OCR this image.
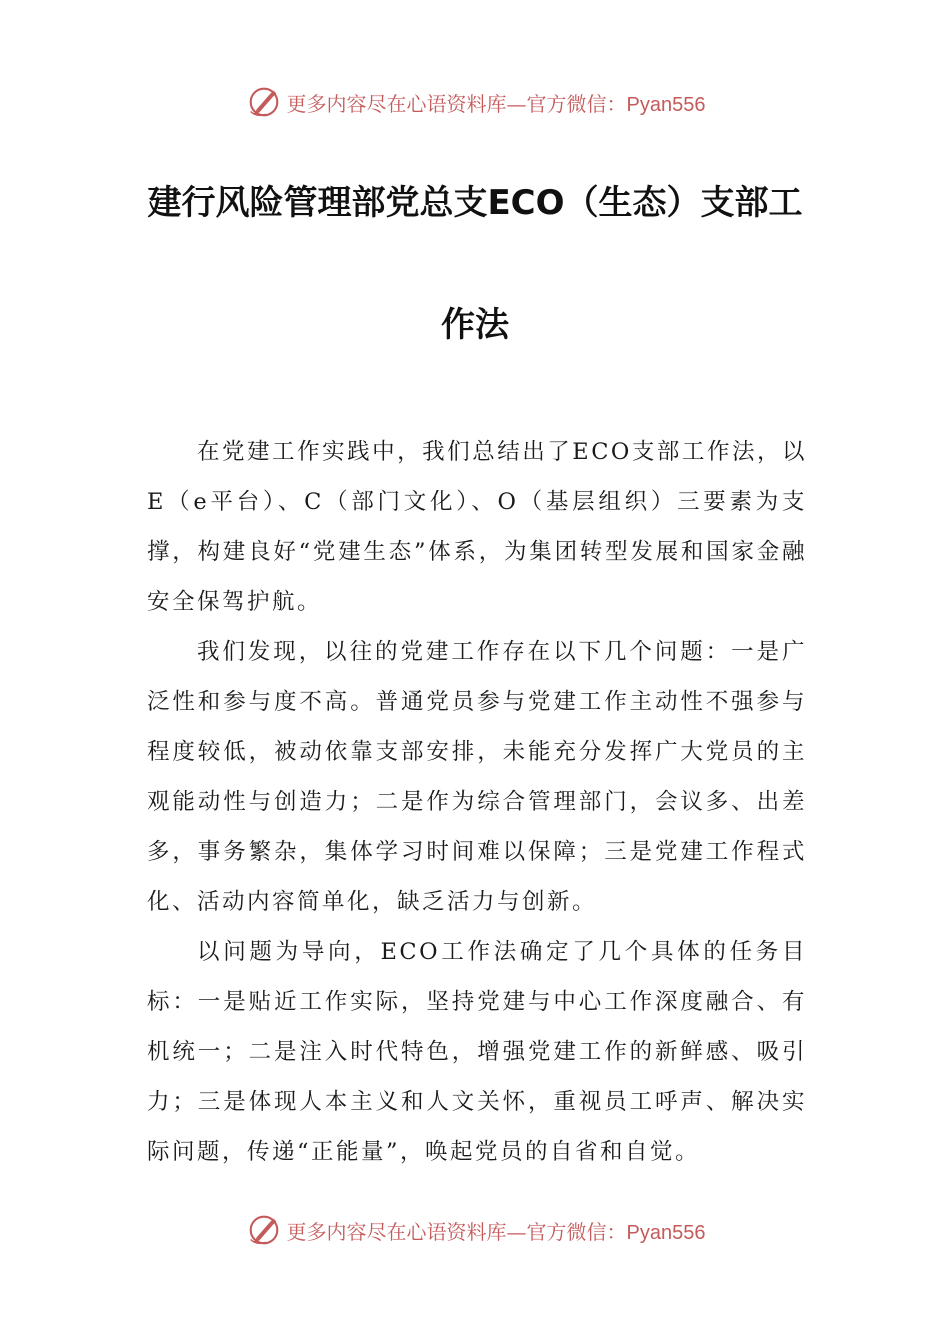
更多内容尽在心语资料库—官方微信：Pyan556
建行风险管理部党总支ECO（生态）支部工
作法

在党建工作实践中，我们总结出了ECO支部工作法，以E（e平台）、C（部门文化）、O（基层组织）三要素为支撑，构建良好“党建生态”体系，为集团转型发展和国家金融安全保驾护航。

我们发现，以往的党建工作存在以下几个问题：一是广泛性和参与度不高。普通党员参与党建工作主动性不强参与程度较低，被动依靠支部安排，未能充分发挥广大党员的主观能动性与创造力；二是作为综合管理部门，会议多、出差多，事务繁杂，集体学习时间难以保障；三是党建工作程式化、活动内容简单化，缺乏活力与创新。

以问题为导向，ECO工作法确定了几个具体的任务目标：一是贴近工作实际，坚持党建与中心工作深度融合、有机统一；二是注入时代特色，增强党建工作的新鲜感、吸引力；三是体现人本主义和人文关怀，重视员工呼声、解决实际问题，传递“正能量”，唤起党员的自省和自觉。

更多内容尽在心语资料库—官方微信：Pyan556
